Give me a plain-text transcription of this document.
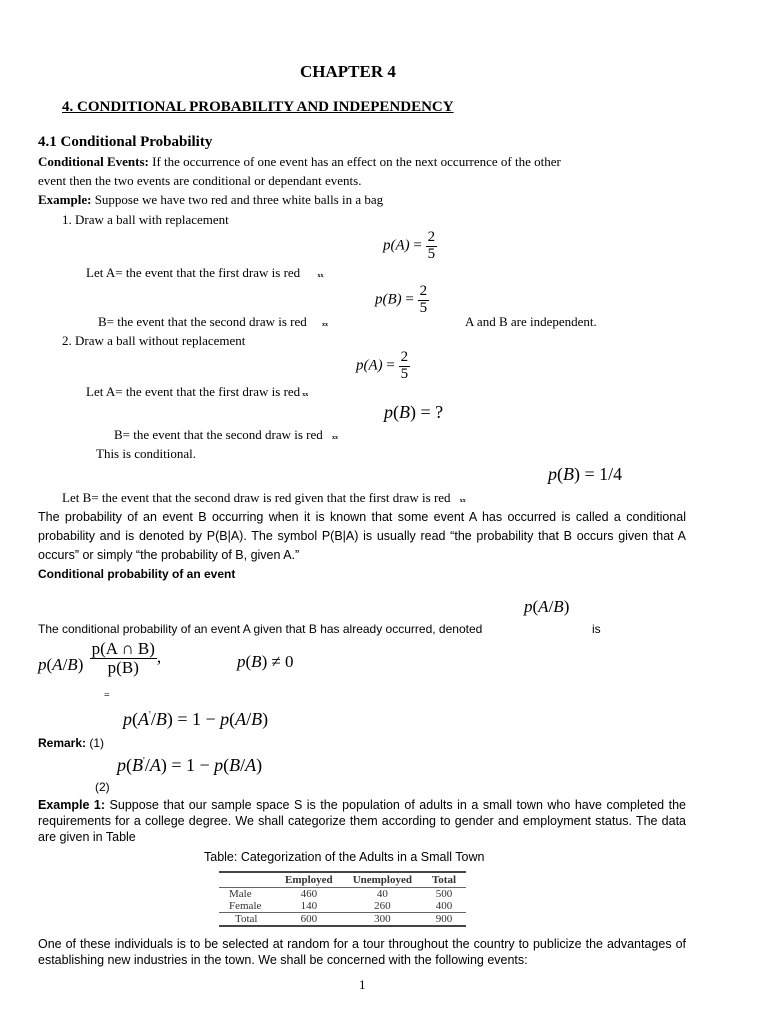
CHAPTER 4
4. CONDITIONAL PROBABILITY AND INDEPENDENCY
4.1 Conditional Probability
Conditional Events: If the occurrence of one event has an effect on the next occurrence of the other
event then the two events are conditional or dependant events.
Example: Suppose we have two red and three white balls in a bag
1. Draw a ball with replacement
$p(A) = \frac{2}{5}$
Let A= the event that the first draw is red	xx
$p(B) = \frac{2}{5}$
B= the event that the second draw is red	xx	A and B are independent.
2. Draw a ball without replacement
$p(A) = \frac{2}{5}$
Let A= the event that the first draw is red xx
p(B) = ?
B= the event that the second draw is red xx
This is conditional.
p(B) = 1/4
Let B= the event that the second draw is red given that the first draw is red xx
The probability of an event B occurring when it is known that some event A has occurred is called a conditional probability and is denoted by P(B|A). The symbol P(B|A) is usually read “the probability that B occurs given that A occurs” or simply “the probability of B, given A.”
Conditional probability of an event
p(A/B)
The conditional probability of an event A given that B has already occurred, denoted	is
$p(A/B) \frac{p(A \cap B)}{p(B)}$ ,	p(B) ≠ 0
=
p(A'/B) = 1 − p(A/B)
Remark: (1)
p(B'/A) = 1 − p(B/A)
(2)
Example 1: Suppose that our sample space S is the population of adults in a small town who have completed the requirements for a college degree. We shall categorize them according to gender and employment status. The data are given in Table
Table: Categorization of the Adults in a Small Town
	Employed	Unemployed	Total
Male	460	40	500
Female	140	260	400
Total	600	300	900
One of these individuals is to be selected at random for a tour throughout the country to publicize the advantages of establishing new industries in the town. We shall be concerned with the following events:
1
